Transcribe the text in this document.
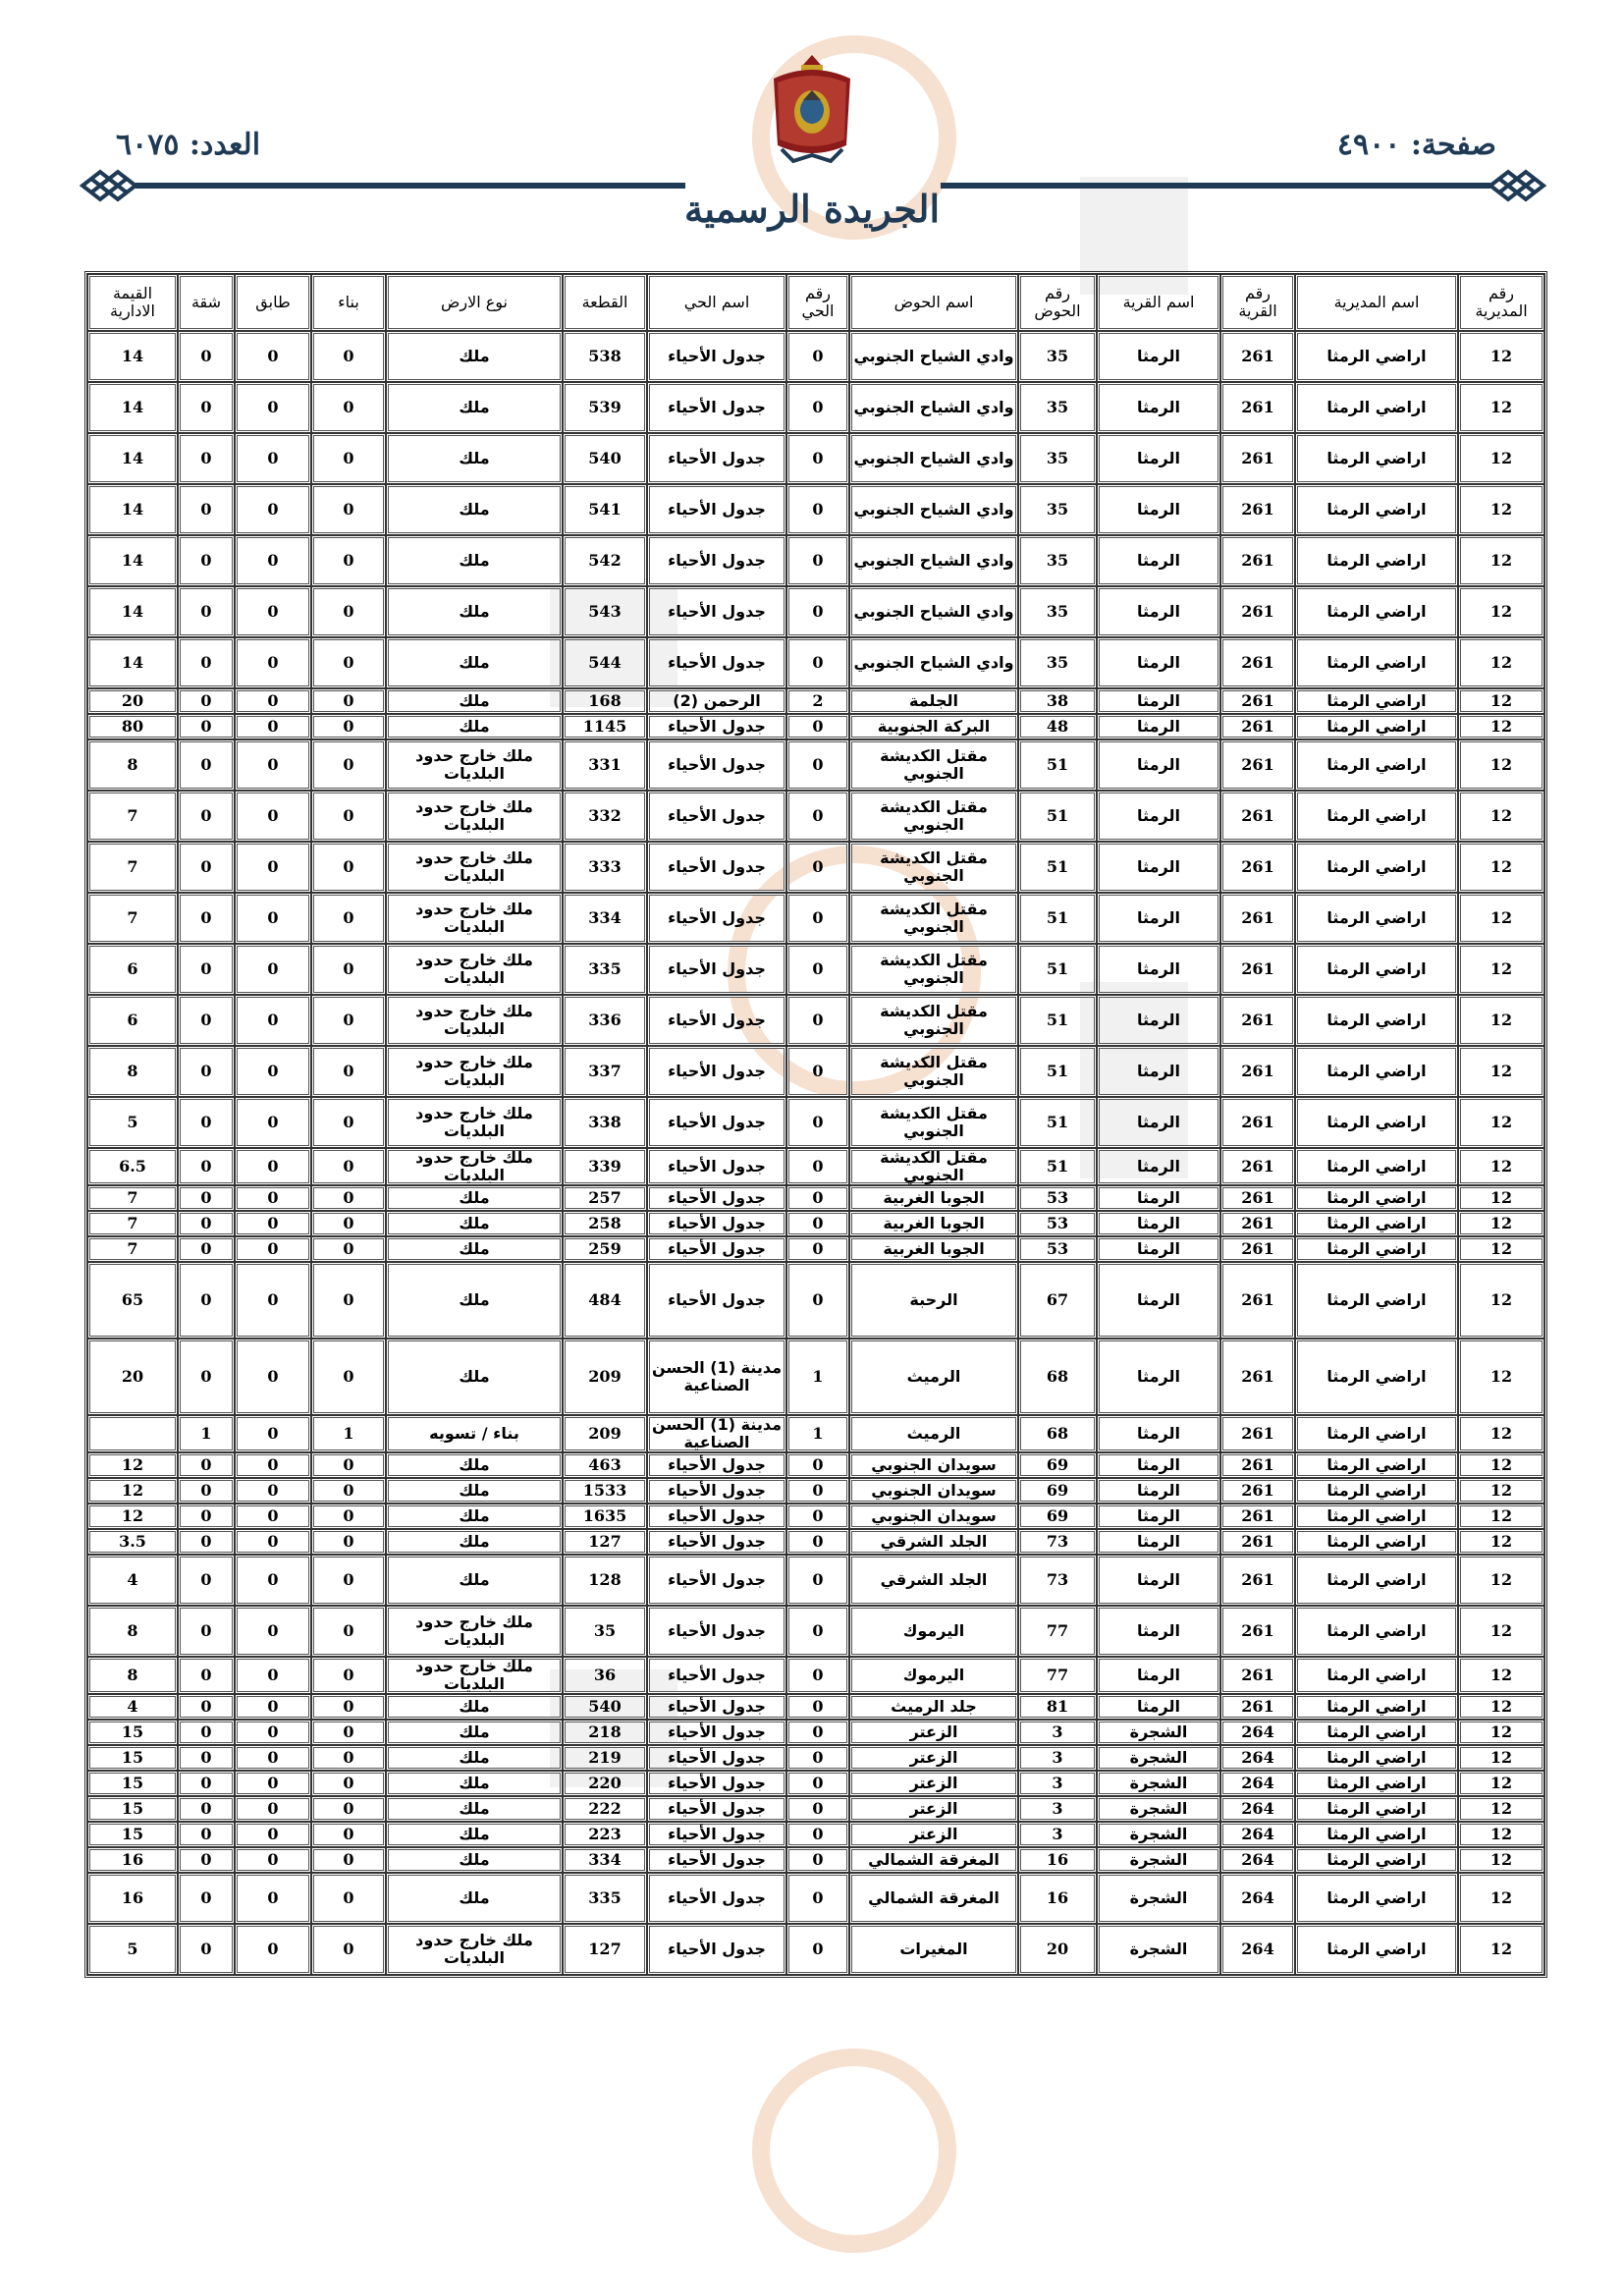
صفحة: ٤٩٠٠
العدد: ٦٠٧٥
الجريدة الرسمية
رقم المديرية	اسم المديرية	رقم القرية	اسم القرية	رقم الحوض	اسم الحوض	رقم الحي	اسم الحي	القطعة	نوع الارض	بناء	طابق	شقة	القيمة الادارية
12	اراضي الرمثا	261	الرمثا	35	وادي الشياح الجنوبي	0	جدول الأحياء	538	ملك	0	0	0	14
12	اراضي الرمثا	261	الرمثا	35	وادي الشياح الجنوبي	0	جدول الأحياء	539	ملك	0	0	0	14
12	اراضي الرمثا	261	الرمثا	35	وادي الشياح الجنوبي	0	جدول الأحياء	540	ملك	0	0	0	14
12	اراضي الرمثا	261	الرمثا	35	وادي الشياح الجنوبي	0	جدول الأحياء	541	ملك	0	0	0	14
12	اراضي الرمثا	261	الرمثا	35	وادي الشياح الجنوبي	0	جدول الأحياء	542	ملك	0	0	0	14
12	اراضي الرمثا	261	الرمثا	35	وادي الشياح الجنوبي	0	جدول الأحياء	543	ملك	0	0	0	14
12	اراضي الرمثا	261	الرمثا	35	وادي الشياح الجنوبي	0	جدول الأحياء	544	ملك	0	0	0	14
12	اراضي الرمثا	261	الرمثا	38	الجلمة	2	الرحمن (2)	168	ملك	0	0	0	20
12	اراضي الرمثا	261	الرمثا	48	البركة الجنوبية	0	جدول الأحياء	1145	ملك	0	0	0	80
12	اراضي الرمثا	261	الرمثا	51	مقتل الكديشة الجنوبي	0	جدول الأحياء	331	ملك خارج حدود البلديات	0	0	0	8
12	اراضي الرمثا	261	الرمثا	51	مقتل الكديشة الجنوبي	0	جدول الأحياء	332	ملك خارج حدود البلديات	0	0	0	7
12	اراضي الرمثا	261	الرمثا	51	مقتل الكديشة الجنوبي	0	جدول الأحياء	333	ملك خارج حدود البلديات	0	0	0	7
12	اراضي الرمثا	261	الرمثا	51	مقتل الكديشة الجنوبي	0	جدول الأحياء	334	ملك خارج حدود البلديات	0	0	0	7
12	اراضي الرمثا	261	الرمثا	51	مقتل الكديشة الجنوبي	0	جدول الأحياء	335	ملك خارج حدود البلديات	0	0	0	6
12	اراضي الرمثا	261	الرمثا	51	مقتل الكديشة الجنوبي	0	جدول الأحياء	336	ملك خارج حدود البلديات	0	0	0	6
12	اراضي الرمثا	261	الرمثا	51	مقتل الكديشة الجنوبي	0	جدول الأحياء	337	ملك خارج حدود البلديات	0	0	0	8
12	اراضي الرمثا	261	الرمثا	51	مقتل الكديشة الجنوبي	0	جدول الأحياء	338	ملك خارج حدود البلديات	0	0	0	5
12	اراضي الرمثا	261	الرمثا	51	مقتل الكديشة الجنوبي	0	جدول الأحياء	339	ملك خارج حدود البلديات	0	0	0	6.5
12	اراضي الرمثا	261	الرمثا	53	الجوبا الغربية	0	جدول الأحياء	257	ملك	0	0	0	7
12	اراضي الرمثا	261	الرمثا	53	الجوبا الغربية	0	جدول الأحياء	258	ملك	0	0	0	7
12	اراضي الرمثا	261	الرمثا	53	الجوبا الغربية	0	جدول الأحياء	259	ملك	0	0	0	7
12	اراضي الرمثا	261	الرمثا	67	الرحبة	0	جدول الأحياء	484	ملك	0	0	0	65
12	اراضي الرمثا	261	الرمثا	68	الرميث	1	مدينة (1) الحسن الصناعية	209	ملك	0	0	0	20
12	اراضي الرمثا	261	الرمثا	68	الرميث	1	مدينة (1) الحسن الصناعية	209	بناء / تسويه	1	0	1	
12	اراضي الرمثا	261	الرمثا	69	سويدان الجنوبي	0	جدول الأحياء	463	ملك	0	0	0	12
12	اراضي الرمثا	261	الرمثا	69	سويدان الجنوبي	0	جدول الأحياء	1533	ملك	0	0	0	12
12	اراضي الرمثا	261	الرمثا	69	سويدان الجنوبي	0	جدول الأحياء	1635	ملك	0	0	0	12
12	اراضي الرمثا	261	الرمثا	73	الجلد الشرقي	0	جدول الأحياء	127	ملك	0	0	0	3.5
12	اراضي الرمثا	261	الرمثا	73	الجلد الشرقي	0	جدول الأحياء	128	ملك	0	0	0	4
12	اراضي الرمثا	261	الرمثا	77	اليرموك	0	جدول الأحياء	35	ملك خارج حدود البلديات	0	0	0	8
12	اراضي الرمثا	261	الرمثا	77	اليرموك	0	جدول الأحياء	36	ملك خارج حدود البلديات	0	0	0	8
12	اراضي الرمثا	261	الرمثا	81	جلد الرميث	0	جدول الأحياء	540	ملك	0	0	0	4
12	اراضي الرمثا	264	الشجرة	3	الزعتر	0	جدول الأحياء	218	ملك	0	0	0	15
12	اراضي الرمثا	264	الشجرة	3	الزعتر	0	جدول الأحياء	219	ملك	0	0	0	15
12	اراضي الرمثا	264	الشجرة	3	الزعتر	0	جدول الأحياء	220	ملك	0	0	0	15
12	اراضي الرمثا	264	الشجرة	3	الزعتر	0	جدول الأحياء	222	ملك	0	0	0	15
12	اراضي الرمثا	264	الشجرة	3	الزعتر	0	جدول الأحياء	223	ملك	0	0	0	15
12	اراضي الرمثا	264	الشجرة	16	المغرقة الشمالي	0	جدول الأحياء	334	ملك	0	0	0	16
12	اراضي الرمثا	264	الشجرة	16	المغرقة الشمالي	0	جدول الأحياء	335	ملك	0	0	0	16
12	اراضي الرمثا	264	الشجرة	20	المغيرات	0	جدول الأحياء	127	ملك خارج حدود البلديات	0	0	0	5
